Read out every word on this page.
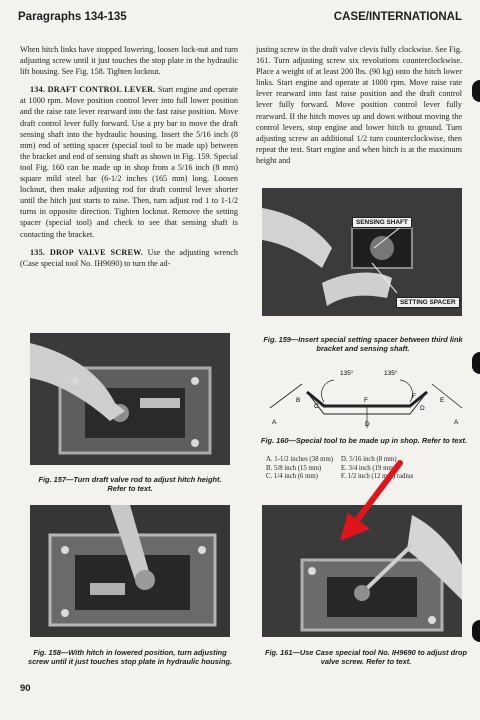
Paragraphs 134-135	CASE/INTERNATIONAL

When hitch links have stopped lowering, loosen lock-nut and turn adjusting screw until it just touches the stop plate in the hydraulic lift housing. See Fig. 158. Tighten locknut.

134. DRAFT CONTROL LEVER. Start engine and operate at 1000 rpm. Move position control lever into full lower position and the raise rate lever rearward into the fast raise position. Move draft control lever fully forward. Use a pry bar to move the draft sensing shaft into the hydraulic housing. Insert the 5/16 inch (8 mm) end of setting spacer (special tool to be made up) between the bracket and end of sensing shaft as shown in Fig. 159. Special tool Fig. 160 can be made up in shop from a 5/16 inch (8 mm) square mild steel bar (6-1/2 inches (165 mm) long. Loosen locknut, then make adjusting rod for draft control lever shorter until the hitch just starts to raise. Then, turn adjust rod 1 to 1-1/2 turns in opposite direction. Tighten locknut. Remove the setting spacer (special tool) and check to see that sensing shaft is contacting the bracket.

135. DROP VALVE SCREW. Use the adjusting wrench (Case special tool No. IH9690) to turn the ad-

justing screw in the draft valve clevis fully clockwise. See Fig. 161. Turn adjusting screw six revolutions counterclockwise. Place a weight of at least 200 lbs. (90 kg) onto the hitch lower links. Start engine and operate at 1000 rpm. Move raise rate lever rearward into fast raise position and the draft control lever fully forward. Move position control lever fully rearward. If the hitch moves up and down without moving the control levers, stop engine and lower hitch to ground. Turn adjusting screw an additional 1/2 turn counterclockwise, then repeat the test. Start engine and when hitch is at the maximum height and

Fig. 157—Turn draft valve rod to adjust hitch height. Refer to text.
Fig. 158—With hitch in lowered position, turn adjusting screw until it just touches stop plate in hydraulic housing.
SENSING SHAFT
SETTING SPACER
Fig. 159—Insert special setting spacer between third link bracket and sensing shaft.
135°	135°
A
B
C
F
F
D
E
D	A
Fig. 160—Special tool to be made up in shop. Refer to text.
A. 1-1/2 inches (38 mm)	D. 5/16 inch (8 mm)
B. 5/8 inch (15 mm)	E. 3/4 inch (19 mm)
C. 1/4 inch (6 mm)	F. 1/2 inch (12 mm) radius
Fig. 161—Use Case special tool No. IH9690 to adjust drop valve screw. Refer to text.
90
